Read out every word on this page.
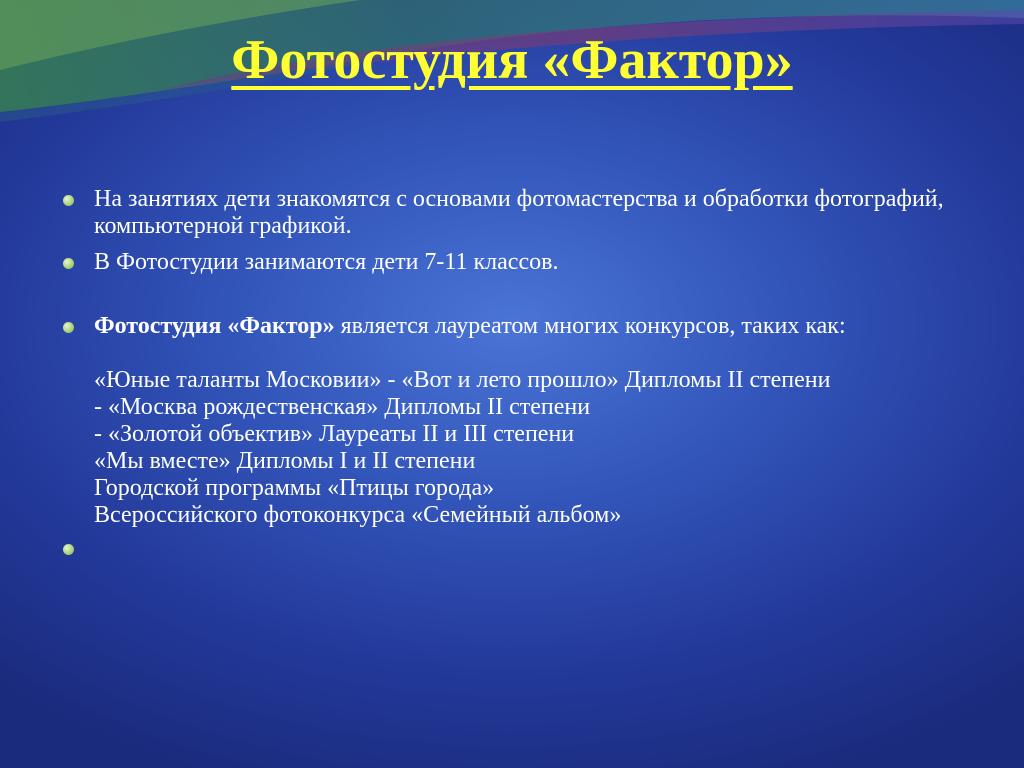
Фотостудия «Фактор»
На занятиях дети знакомятся с основами фотомастерства и обработки фотографий, компьютерной графикой.
В Фотостудии занимаются дети 7-11 классов.
Фотостудия «Фактор» является лауреатом многих конкурсов, таких как:
«Юные таланты Московии» - «Вот и лето прошло» Дипломы II степени
- «Москва рождественская» Дипломы II степени
- «Золотой объектив» Лауреаты II и III степени
«Мы вместе» Дипломы I и II степени
Городской программы «Птицы города»
Всероссийского фотоконкурса «Семейный альбом»
